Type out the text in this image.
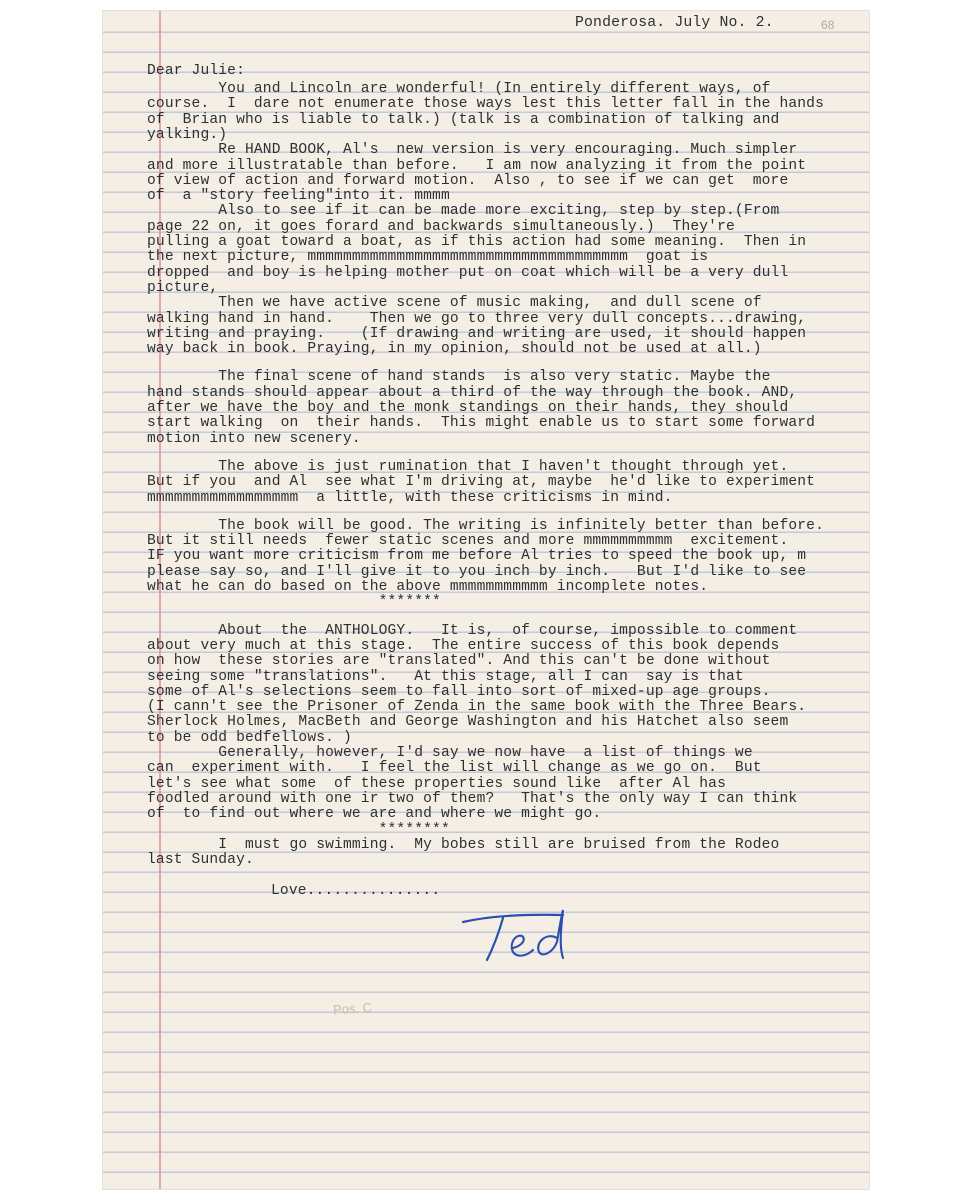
Ponderosa. July No. 2.	68
Dear Julie:
You and Lincoln are wonderful! (In entirely different ways, of
course.  I  dare not enumerate those ways lest this letter fall in the hands
of  Brian who is liable to talk.) (talk is a combination of talking and
yalking.)
Re HAND BOOK, Al's  new version is very encouraging. Much simpler
and more illustratable than before.   I am now analyzing it from the point
of view of action and forward motion.  Also , to see if we can get  more
of  a "story feeling"into it. mmmm
Also to see if it can be made more exciting, step by step.(From
page 22 on, it goes forard and backwards simultaneously.)  They're
pulling a goat toward a boat, as if this action had some meaning.  Then in
the next picture, mmmmmmmmmmmmmmmmmmmmmmmmmmmmmmmmmmmm  goat is
dropped  and boy is helping mother put on coat which will be a very dull
picture,
Then we have active scene of music making,  and dull scene of
walking hand in hand.    Then we go to three very dull concepts...drawing,
writing and praying.    (If drawing and writing are used, it should happen
way back in book. Praying, in my opinion, should not be used at all.)
The final scene of hand stands  is also very static. Maybe the
hand stands should appear about a third of the way through the book. AND,
after we have the boy and the monk standings on their hands, they should
start walking  on  their hands.  This might enable us to start some forward
motion into new scenery.
The above is just rumination that I haven't thought through yet.
But if you  and Al  see what I'm driving at, maybe  he'd like to experiment
mmmmmmmmmmmmmmmmm  a little, with these criticisms in mind.
The book will be good. The writing is infinitely better than before.
But it still needs  fewer static scenes and more mmmmmmmmmm  excitement.
IF you want more criticism from me before Al tries to speed the book up, m
please say so, and I'll give it to you inch by inch.   But I'd like to see
what he can do based on the above mmmmmmmmmmm incomplete notes.
*******
About  the  ANTHOLOGY.   It is,  of course, impossible to comment
about very much at this stage.  The entire success of this book depends
on how  these stories are "translated". And this can't be done without
seeing some "translations".   At this stage, all I can  say is that
some of Al's selections seem to fall into sort of mixed-up age groups.
(I cann't see the Prisoner of Zenda in the same book with the Three Bears.
Sherlock Holmes, MacBeth and George Washington and his Hatchet also seem
to be odd bedfellows. )
Generally, however, I'd say we now have  a list of things we
can  experiment with.   I feel the list will change as we go on.  But
let's see what some  of these properties sound like  after Al has
foodled around with one ir two of them?   That's the only way I can think
of  to find out where we are and where we might go.
********
I  must go swimming.  My bobes still are bruised from the Rodeo
last Sunday.
Love...............
Pos. C
